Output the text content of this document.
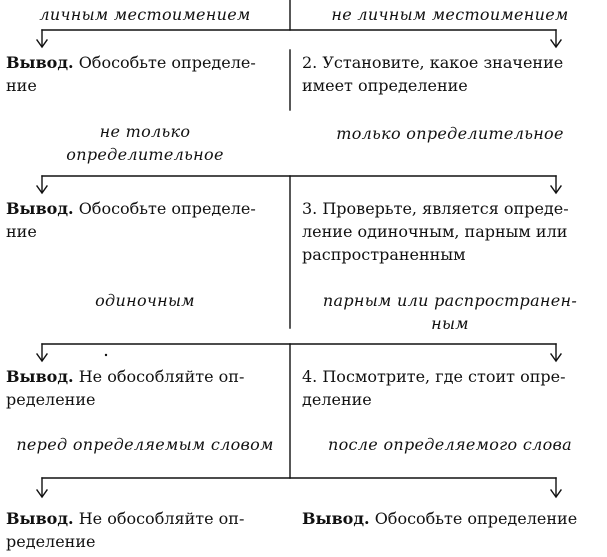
личным местоимением	не личным местоимением
Вывод. Обособьте определе-
ние
2. Установите, какое значение
имеет определение
не только
определительное
только определительное
Вывод. Обособьте определе-
ние
3. Проверьте, является опреде-
ление одиночным, парным или
распространенным
одиночным	парным или распространен-
ным
Вывод. Не обособляйте оп-
ределение
4. Посмотрите, где стоит опре-
деление
перед определяемым словом	после определяемого слова
Вывод. Не обособляйте оп-
ределение
Вывод. Обособьте определение
